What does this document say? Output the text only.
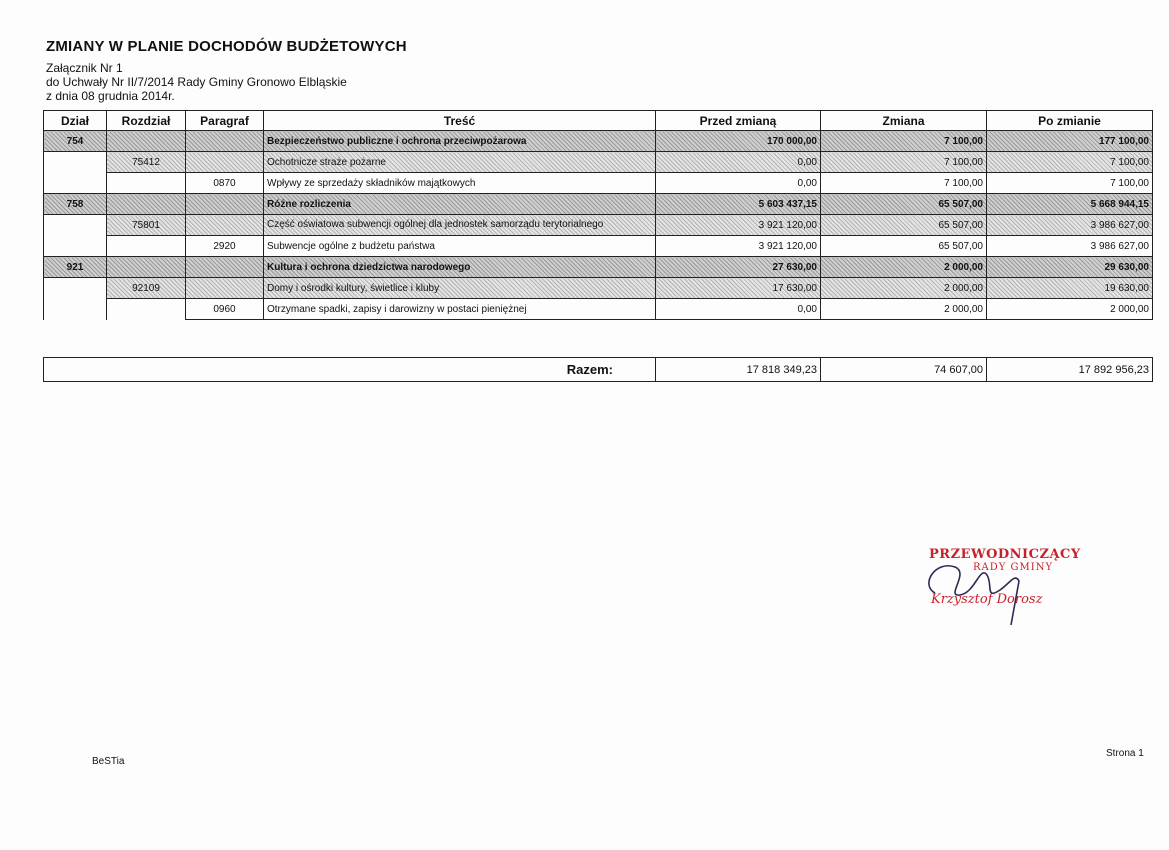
ZMIANY W PLANIE DOCHODÓW BUDŻETOWYCH
Załącznik Nr 1
do Uchwały Nr II/7/2014 Rady Gminy Gronowo Elbląskie
z dnia 08 grudnia 2014r.
Dział	Rozdział	Paragraf	Treść	Przed zmianą	Zmiana	Po zmianie
754			Bezpieczeństwo publiczne i ochrona przeciwpożarowa	170 000,00	7 100,00	177 100,00
	75412		Ochotnicze straże pożarne	0,00	7 100,00	7 100,00
		0870	Wpływy ze sprzedaży składników majątkowych	0,00	7 100,00	7 100,00
758			Różne rozliczenia	5 603 437,15	65 507,00	5 668 944,15
	75801		Część oświatowa subwencji ogólnej dla jednostek samorządu terytorialnego	3 921 120,00	65 507,00	3 986 627,00
		2920	Subwencje ogólne z budżetu państwa	3 921 120,00	65 507,00	3 986 627,00
921			Kultura i ochrona dziedzictwa narodowego	27 630,00	2 000,00	29 630,00
	92109		Domy i ośrodki kultury, świetlice i kluby	17 630,00	2 000,00	19 630,00
		0960	Otrzymane spadki, zapisy i darowizny w postaci pieniężnej	0,00	2 000,00	2 000,00
Razem:	17 818 349,23	74 607,00	17 892 956,23
PRZEWODNICZĄCY
RADY GMINY
Krzysztof Dorosz
BeSTia
Strona 1
